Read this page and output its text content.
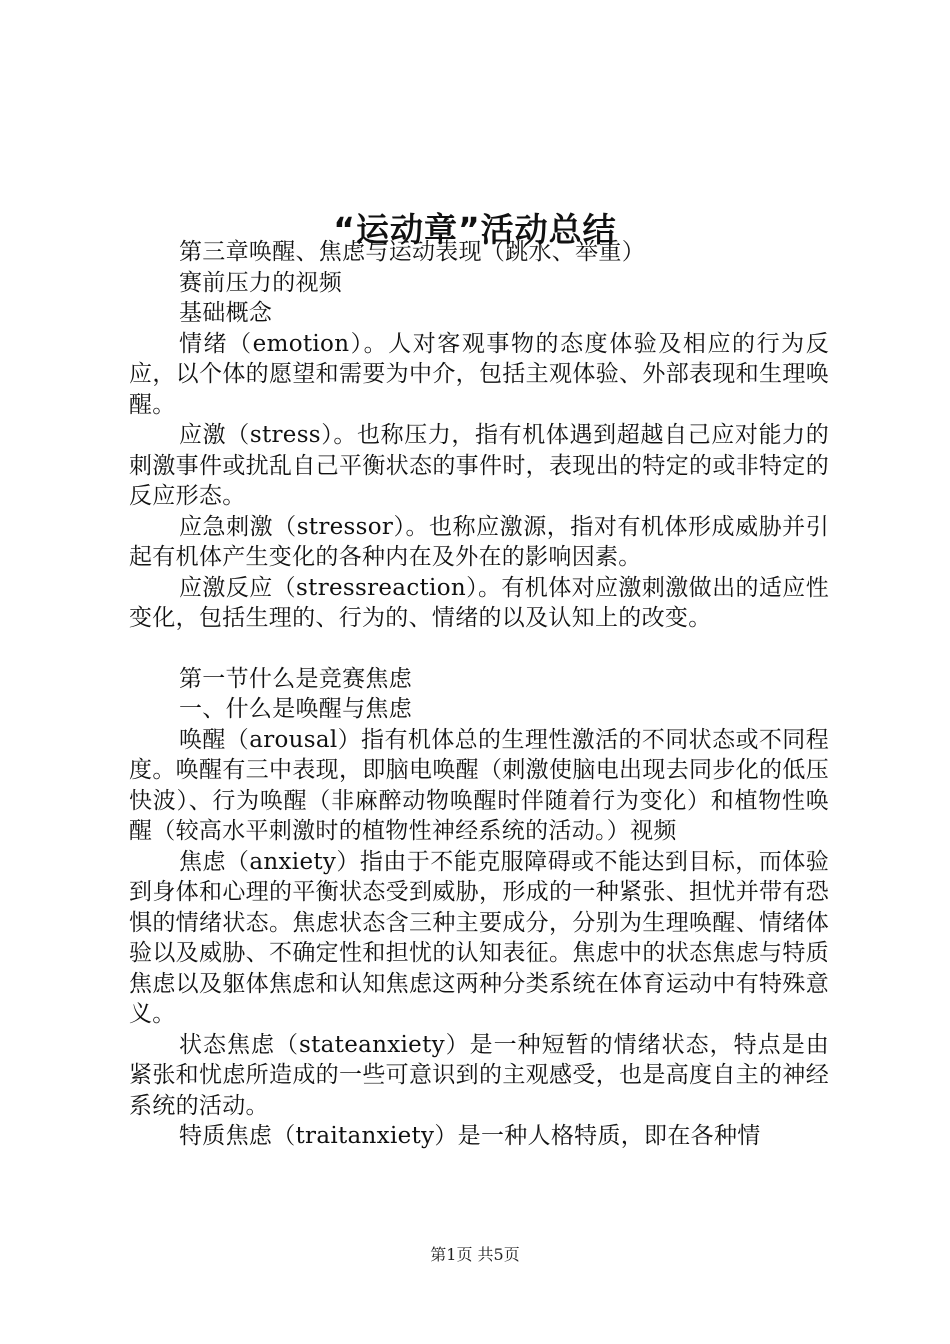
“运动章”活动总结

第三章唤醒、焦虑与运动表现（跳水、举重）

赛前压力的视频

基础概念

情绪（emotion）。人对客观事物的态度体验及相应的行为反应，以个体的愿望和需要为中介，包括主观体验、外部表现和生理唤醒。

应激（stress）。也称压力，指有机体遇到超越自己应对能力的刺激事件或扰乱自己平衡状态的事件时，表现出的特定的或非特定的反应形态。

应急刺激（stressor）。也称应激源，指对有机体形成威胁并引起有机体产生变化的各种内在及外在的影响因素。

应激反应（stressreaction）。有机体对应激刺激做出的适应性变化，包括生理的、行为的、情绪的以及认知上的改变。

第一节什么是竞赛焦虑

一、什么是唤醒与焦虑

唤醒（arousal）指有机体总的生理性激活的不同状态或不同程度。唤醒有三中表现，即脑电唤醒（刺激使脑电出现去同步化的低压快波）、行为唤醒（非麻醉动物唤醒时伴随着行为变化）和植物性唤醒（较高水平刺激时的植物性神经系统的活动。）视频

焦虑（anxiety）指由于不能克服障碍或不能达到目标，而体验到身体和心理的平衡状态受到威胁，形成的一种紧张、担忧并带有恐惧的情绪状态。焦虑状态含三种主要成分，分别为生理唤醒、情绪体验以及威胁、不确定性和担忧的认知表征。焦虑中的状态焦虑与特质焦虑以及躯体焦虑和认知焦虑这两种分类系统在体育运动中有特殊意义。

状态焦虑（stateanxiety）是一种短暂的情绪状态，特点是由紧张和忧虑所造成的一些可意识到的主观感受，也是高度自主的神经系统的活动。

特质焦虑（traitanxiety）是一种人格特质，即在各种情

第1页 共5页
